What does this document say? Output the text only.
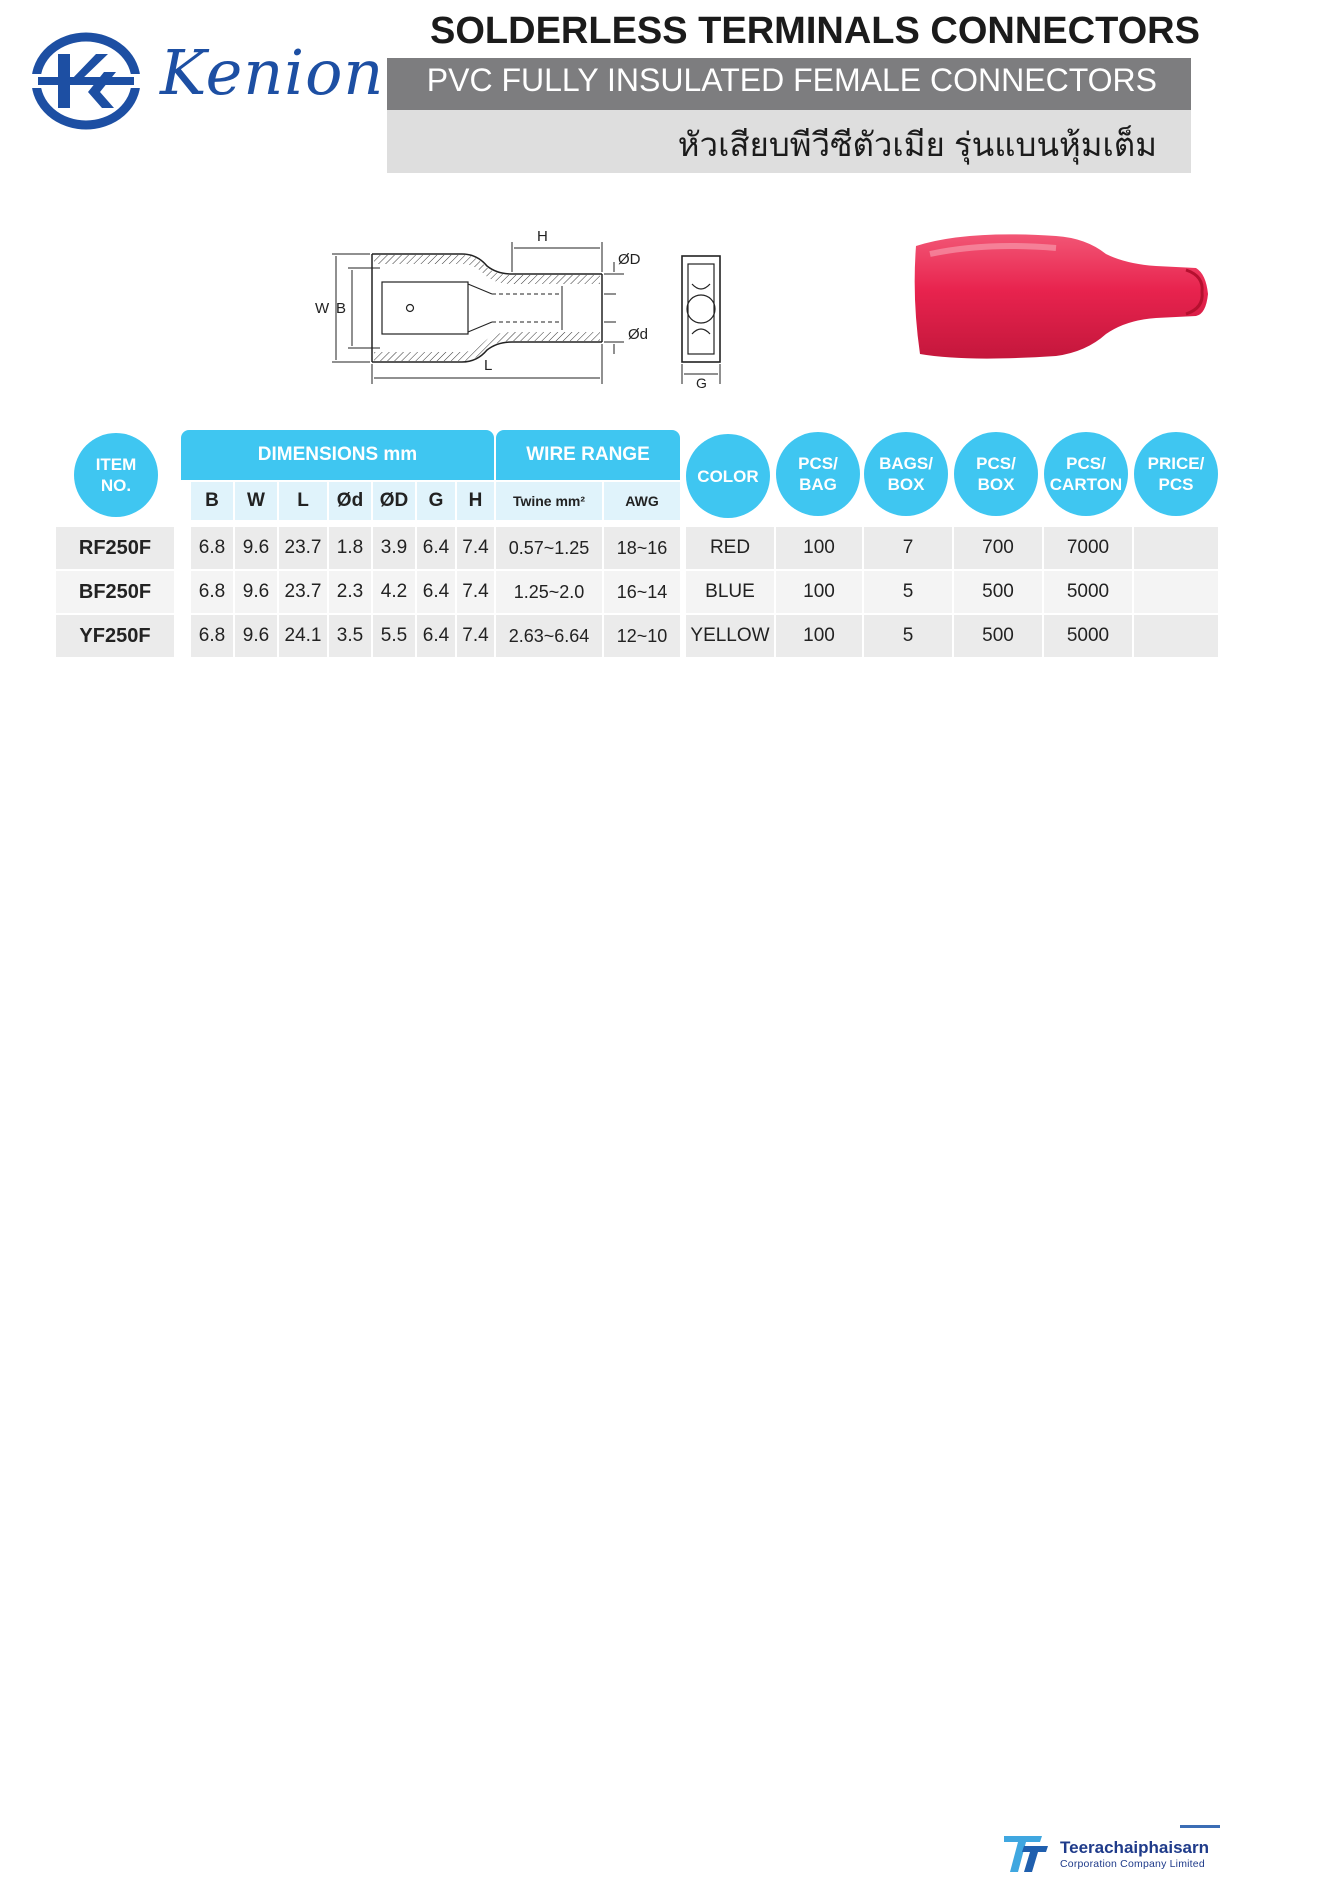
Kenion
SOLDERLESS TERMINALS CONNECTORS
PVC FULLY INSULATED FEMALE CONNECTORS
หัวเสียบพีวีซีตัวเมีย รุ่นแบนหุ้มเต็ม
H
ØD
Ød
W B
L
G
ITEM
NO.
DIMENSIONS mm	WIRE RANGE
B	W	L	Ød ØD	G	H	Twine mm²	AWG
COLOR
PCS/
BAG
BAGS/
BOX
PCS/
BOX
PCS/
CARTON
PRICE/
PCS
RF250F	6.8 9.6 23.7 1.8 3.9 6.4 7.4	0.57~1.25	18~16	RED	100	7	700	7000
BF250F	6.8 9.6 23.7 2.3 4.2 6.4 7.4	1.25~2.0	16~14	BLUE	100	5	500	5000
YF250F	6.8 9.6 24.1 3.5 5.5 6.4 7.4	2.63~6.64	12~10	YELLOW	100	5	500	5000
Teerachaiphaisarn
Corporation Company Limited
